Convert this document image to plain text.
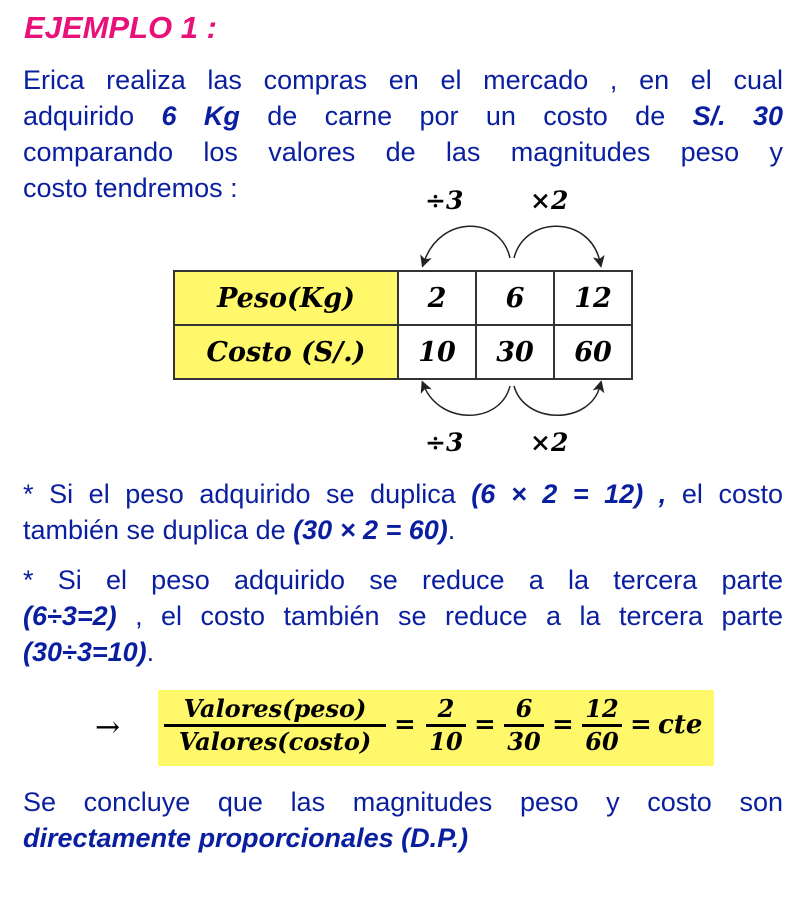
EJEMPLO 1 :
Erica realiza las compras en el mercado , en el cual
adquirido 6 Kg de carne por un costo de S/. 30
comparando los valores de las magnitudes peso y
costo tendremos :	÷3	×2
÷3	×2
Peso(Kg)	2	6	12
Costo (S/.)	10	30	60
* Si el peso adquirido se duplica (6 × 2 = 12) , el costo
también se duplica de (30 × 2 = 60).
* Si el peso adquirido se reduce a la tercera parte
(6÷3=2) , el costo también se reduce a la tercera parte
(30÷3=10).
→
Valores(peso)
Valores(costo)
= $\frac{2}{10} = \frac{6}{30} = \frac{12}{60}$ = cte
Se concluye que las magnitudes peso y costo son
directamente proporcionales (D.P.)
